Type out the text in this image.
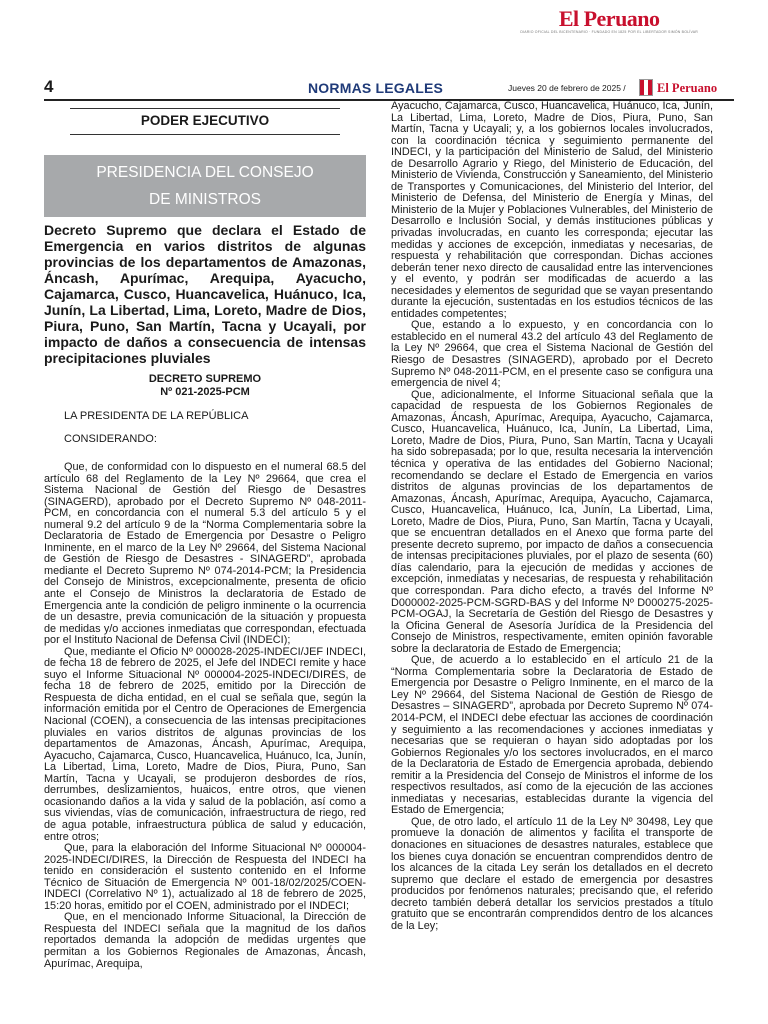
El Peruano
DIARIO OFICIAL DEL BICENTENARIO · FUNDADO EN 1825 POR EL LIBERTADOR SIMÓN BOLÍVAR
4	NORMAS LEGALES	Jueves 20 de febrero de 2025 /	El Peruano
PODER EJECUTIVO
PRESIDENCIA DEL CONSEJO
DE MINISTROS
Decreto Supremo que declara el Estado de Emergencia en varios distritos de algunas provincias de los departamentos de Amazonas, Áncash, Apurímac, Arequipa, Ayacucho, Cajamarca, Cusco, Huancavelica, Huánuco, Ica, Junín, La Libertad, Lima, Loreto, Madre de Dios, Piura, Puno, San Martín, Tacna y Ucayali, por impacto de daños a consecuencia de intensas precipitaciones pluviales
DECRETO SUPREMO
Nº 021-2025-PCM
LA PRESIDENTA DE LA REPÚBLICA
CONSIDERANDO:

Que, de conformidad con lo dispuesto en el numeral 68.5 del artículo 68 del Reglamento de la Ley Nº 29664, que crea el Sistema Nacional de Gestión del Riesgo de Desastres (SINAGERD), aprobado por el Decreto Supremo Nº 048-2011-PCM, en concordancia con el numeral 5.3 del artículo 5 y el numeral 9.2 del artículo 9 de la “Norma Complementaria sobre la Declaratoria de Estado de Emergencia por Desastre o Peligro Inminente, en el marco de la Ley Nº 29664, del Sistema Nacional de Gestión de Riesgo de Desastres - SINAGERD”, aprobada mediante el Decreto Supremo Nº 074-2014-PCM; la Presidencia del Consejo de Ministros, excepcionalmente, presenta de oficio ante el Consejo de Ministros la declaratoria de Estado de Emergencia ante la condición de peligro inminente o la ocurrencia de un desastre, previa comunicación de la situación y propuesta de medidas y/o acciones inmediatas que correspondan, efectuada por el Instituto Nacional de Defensa Civil (INDECI);

Que, mediante el Oficio Nº 000028-2025-INDECI/JEF INDECI, de fecha 18 de febrero de 2025, el Jefe del INDECI remite y hace suyo el Informe Situacional Nº 000004-2025-INDECI/DIRES, de fecha 18 de febrero de 2025, emitido por la Dirección de Respuesta de dicha entidad, en el cual se señala que, según la información emitida por el Centro de Operaciones de Emergencia Nacional (COEN), a consecuencia de las intensas precipitaciones pluviales en varios distritos de algunas provincias de los departamentos de Amazonas, Áncash, Apurímac, Arequipa, Ayacucho, Cajamarca, Cusco, Huancavelica, Huánuco, Ica, Junín, La Libertad, Lima, Loreto, Madre de Dios, Piura, Puno, San Martín, Tacna y Ucayali, se produjeron desbordes de ríos, derrumbes, deslizamientos, huaicos, entre otros, que vienen ocasionando daños a la vida y salud de la población, así como a sus viviendas, vías de comunicación, infraestructura de riego, red de agua potable, infraestructura pública de salud y educación, entre otros;

Que, para la elaboración del Informe Situacional Nº 000004-2025-INDECI/DIRES, la Dirección de Respuesta del INDECI ha tenido en consideración el sustento contenido en el Informe Técnico de Situación de Emergencia Nº 001-18/02/2025/COEN-INDECI (Correlativo Nº 1), actualizado al 18 de febrero de 2025, 15:20 horas, emitido por el COEN, administrado por el INDECI;

Que, en el mencionado Informe Situacional, la Dirección de Respuesta del INDECI señala que la magnitud de los daños reportados demanda la adopción de medidas urgentes que permitan a los Gobiernos Regionales de Amazonas, Áncash, Apurímac, Arequipa,

Ayacucho, Cajamarca, Cusco, Huancavelica, Huánuco, Ica, Junín, La Libertad, Lima, Loreto, Madre de Dios, Piura, Puno, San Martín, Tacna y Ucayali; y, a los gobiernos locales involucrados, con la coordinación técnica y seguimiento permanente del INDECI, y la participación del Ministerio de Salud, del Ministerio de Desarrollo Agrario y Riego, del Ministerio de Educación, del Ministerio de Vivienda, Construcción y Saneamiento, del Ministerio de Transportes y Comunicaciones, del Ministerio del Interior, del Ministerio de Defensa, del Ministerio de Energía y Minas, del Ministerio de la Mujer y Poblaciones Vulnerables, del Ministerio de Desarrollo e Inclusión Social, y demás instituciones públicas y privadas involucradas, en cuanto les corresponda; ejecutar las medidas y acciones de excepción, inmediatas y necesarias, de respuesta y rehabilitación que correspondan. Dichas acciones deberán tener nexo directo de causalidad entre las intervenciones y el evento, y podrán ser modificadas de acuerdo a las necesidades y elementos de seguridad que se vayan presentando durante la ejecución, sustentadas en los estudios técnicos de las entidades competentes;

Que, estando a lo expuesto, y en concordancia con lo establecido en el numeral 43.2 del artículo 43 del Reglamento de la Ley Nº 29664, que crea el Sistema Nacional de Gestión del Riesgo de Desastres (SINAGERD), aprobado por el Decreto Supremo Nº 048-2011-PCM, en el presente caso se configura una emergencia de nivel 4;

Que, adicionalmente, el Informe Situacional señala que la capacidad de respuesta de los Gobiernos Regionales de Amazonas, Áncash, Apurímac, Arequipa, Ayacucho, Cajamarca, Cusco, Huancavelica, Huánuco, Ica, Junín, La Libertad, Lima, Loreto, Madre de Dios, Piura, Puno, San Martín, Tacna y Ucayali ha sido sobrepasada; por lo que, resulta necesaria la intervención técnica y operativa de las entidades del Gobierno Nacional; recomendando se declare el Estado de Emergencia en varios distritos de algunas provincias de los departamentos de Amazonas, Áncash, Apurímac, Arequipa, Ayacucho, Cajamarca, Cusco, Huancavelica, Huánuco, Ica, Junín, La Libertad, Lima, Loreto, Madre de Dios, Piura, Puno, San Martín, Tacna y Ucayali, que se encuentran detallados en el Anexo que forma parte del presente decreto supremo, por impacto de daños a consecuencia de intensas precipitaciones pluviales, por el plazo de sesenta (60) días calendario, para la ejecución de medidas y acciones de excepción, inmediatas y necesarias, de respuesta y rehabilitación que correspondan. Para dicho efecto, a través del Informe Nº D000002-2025-PCM-SGRD-BAS y del Informe Nº D000275-2025-PCM-OGAJ, la Secretaría de Gestión del Riesgo de Desastres y la Oficina General de Asesoría Jurídica de la Presidencia del Consejo de Ministros, respectivamente, emiten opinión favorable sobre la declaratoria de Estado de Emergencia;

Que, de acuerdo a lo establecido en el artículo 21 de la “Norma Complementaria sobre la Declaratoria de Estado de Emergencia por Desastre o Peligro Inminente, en el marco de la Ley Nº 29664, del Sistema Nacional de Gestión de Riesgo de Desastres – SINAGERD”, aprobada por Decreto Supremo Nº 074-2014-PCM, el INDECI debe efectuar las acciones de coordinación y seguimiento a las recomendaciones y acciones inmediatas y necesarias que se requieran o hayan sido adoptadas por los Gobiernos Regionales y/o los sectores involucrados, en el marco de la Declaratoria de Estado de Emergencia aprobada, debiendo remitir a la Presidencia del Consejo de Ministros el informe de los respectivos resultados, así como de la ejecución de las acciones inmediatas y necesarias, establecidas durante la vigencia del Estado de Emergencia;

Que, de otro lado, el artículo 11 de la Ley Nº 30498, Ley que promueve la donación de alimentos y facilita el transporte de donaciones en situaciones de desastres naturales, establece que los bienes cuya donación se encuentran comprendidos dentro de los alcances de la citada Ley serán los detallados en el decreto supremo que declare el estado de emergencia por desastres producidos por fenómenos naturales; precisando que, el referido decreto también deberá detallar los servicios prestados a título gratuito que se encontrarán comprendidos dentro de los alcances de la Ley;
